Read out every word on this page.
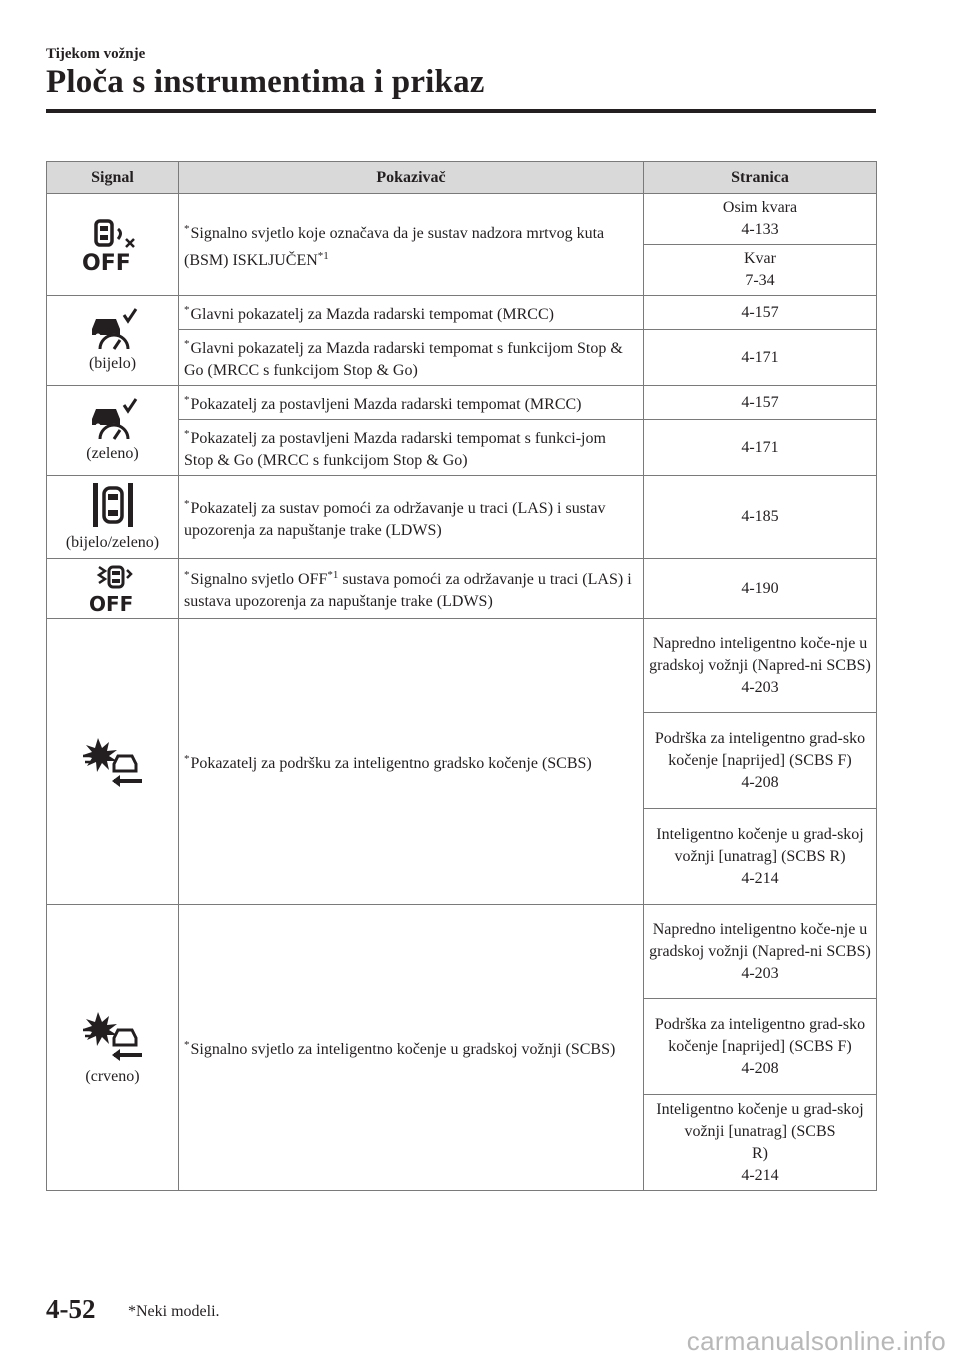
Tijekom vožnje
Ploča s instrumentima i prikaz
Signal	Pokazivač	Stranica

OFF	*Signalno svjetlo koje označava da je sustav nadzora mrtvog kuta (BSM) ISKLJUČEN$^{*1}$	Osim kvara
4-133
		Kvar
7-34

(bijelo)	*Glavni pokazatelj za Mazda radarski tempomat (MRCC)	4-157
	*Glavni pokazatelj za Mazda radarski tempomat s funkcijom Stop & Go (MRCC s funkcijom Stop & Go)	4-171

(zeleno)	*Pokazatelj za postavljeni Mazda radarski tempomat (MRCC)	4-157
	*Pokazatelj za postavljeni Mazda radarski tempomat s funkci-jom Stop & Go (MRCC s funkcijom Stop & Go)	4-171

(bijelo/zeleno)	*Pokazatelj za sustav pomoći za održavanje u traci (LAS) i sustav upozorenja za napuštanje trake (LDWS)	4-185

OFF	*Signalno svjetlo OFF$^{*1}$ sustava pomoći za održavanje u traci (LAS) i sustava upozorenja za napuštanje trake (LDWS)	4-190

	*Pokazatelj za podršku za inteligentno gradsko kočenje (SCBS)	Napredno inteligentno koče-nje u gradskoj vožnji (Napred-ni SCBS)
4-203
		Podrška za inteligentno grad-sko kočenje [naprijed] (SCBS F)
4-208
		Inteligentno kočenje u grad-skoj vožnji [unatrag] (SCBS R)
4-214

(crveno)	*Signalno svjetlo za inteligentno kočenje u gradskoj vožnji (SCBS)	Napredno inteligentno koče-nje u gradskoj vožnji (Napred-ni SCBS)
4-203
		Podrška za inteligentno grad-sko kočenje [naprijed] (SCBS F)
4-208
		Inteligentno kočenje u grad-skoj vožnji [unatrag] (SCBS
R)
4-214
4-52 *Neki modeli.
carmanualsonline.info
